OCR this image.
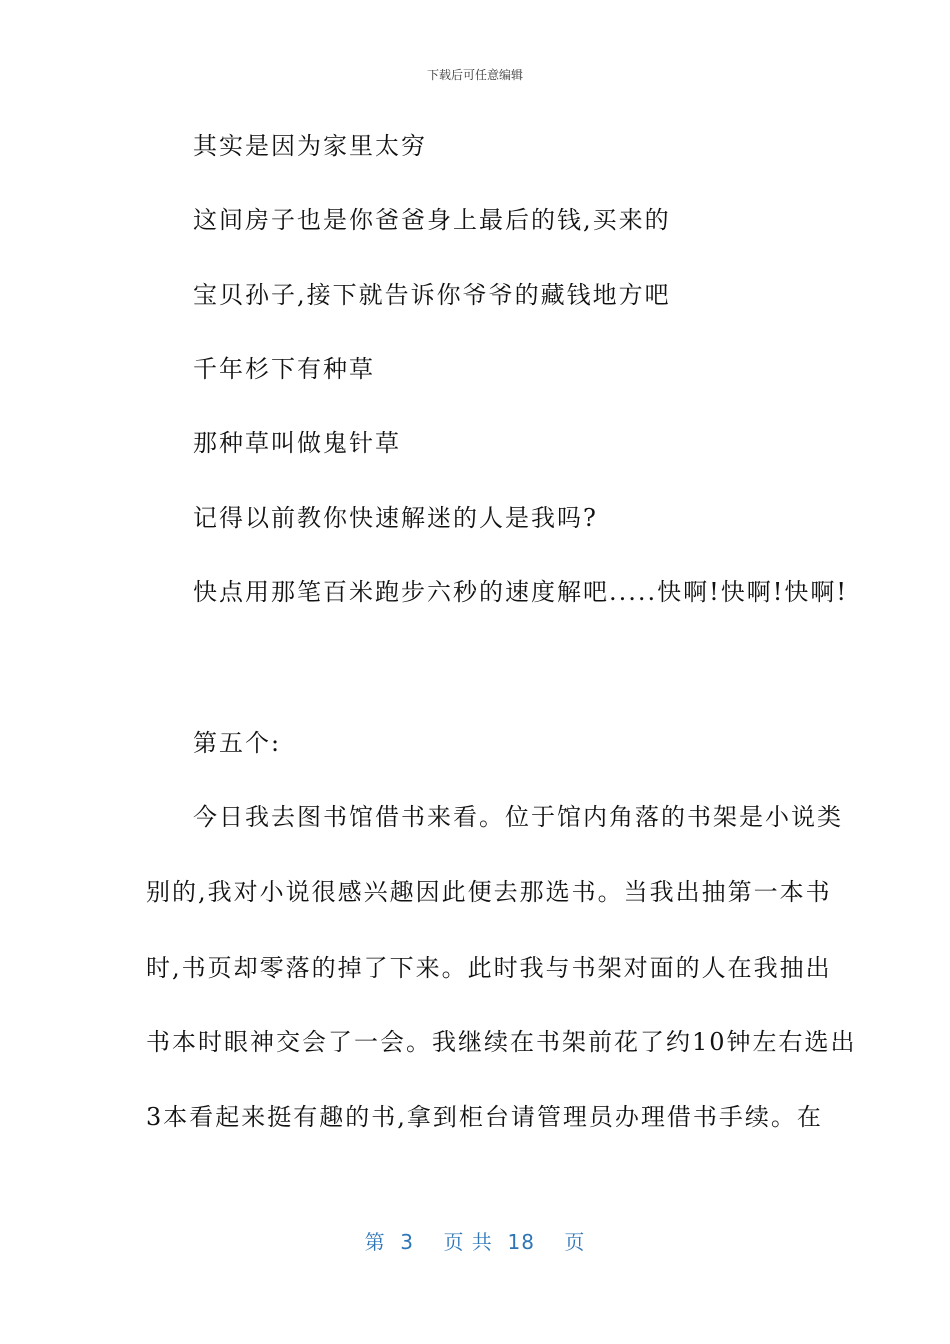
下载后可任意编辑
其实是因为家里太穷
这间房子也是你爸爸身上最后的钱,买来的
宝贝孙子,接下就告诉你爷爷的藏钱地方吧
千年杉下有种草
那种草叫做鬼针草
记得以前教你快速解迷的人是我吗?
快点用那笔百米跑步六秒的速度解吧.....快啊!快啊!快啊!
第五个:
今日我去图书馆借书来看。位于馆内角落的书架是小说类
别的,我对小说很感兴趣因此便去那选书。当我出抽第一本书
时,书页却零落的掉了下来。此时我与书架对面的人在我抽出
书本时眼神交会了一会。我继续在书架前花了约10钟左右选出
3本看起来挺有趣的书,拿到柜台请管理员办理借书手续。在
第  3    页 共  18    页
